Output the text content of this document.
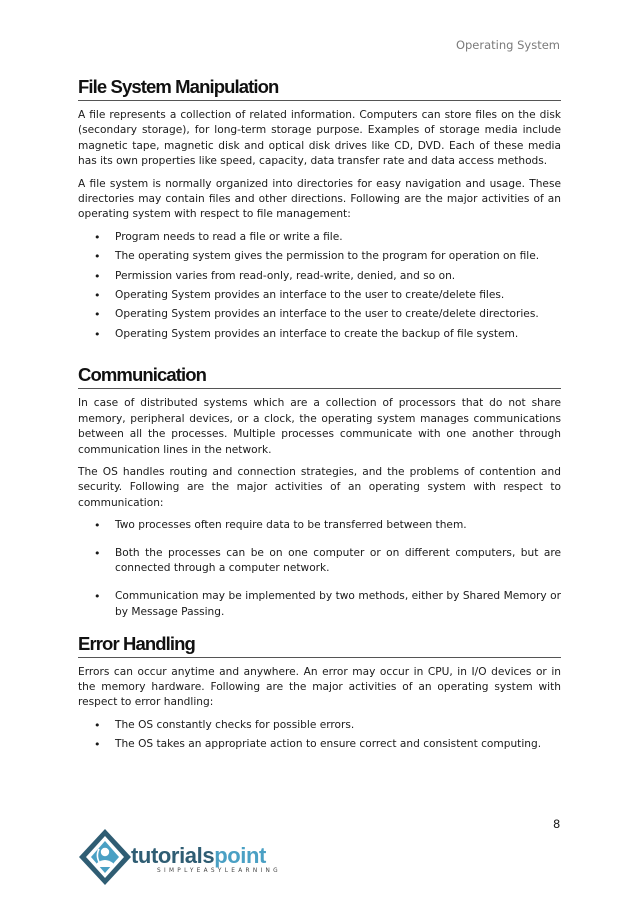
Operating System
File System Manipulation

A file represents a collection of related information. Computers can store files on the disk (secondary storage), for long-term storage purpose. Examples of storage media include magnetic tape, magnetic disk and optical disk drives like CD, DVD. Each of these media has its own properties like speed, capacity, data transfer rate and data access methods.

A file system is normally organized into directories for easy navigation and usage. These directories may contain files and other directions. Following are the major activities of an operating system with respect to file management:

• Program needs to read a file or write a file.
• The operating system gives the permission to the program for operation on file.
• Permission varies from read-only, read-write, denied, and so on.
• Operating System provides an interface to the user to create/delete files.
• Operating System provides an interface to the user to create/delete directories.
• Operating System provides an interface to create the backup of file system.
Communication

In case of distributed systems which are a collection of processors that do not share memory, peripheral devices, or a clock, the operating system manages communications between all the processes. Multiple processes communicate with one another through communication lines in the network.

The OS handles routing and connection strategies, and the problems of contention and security. Following are the major activities of an operating system with respect to communication:

• Two processes often require data to be transferred between them.
• Both the processes can be on one computer or on different computers, but are connected through a computer network.
• Communication may be implemented by two methods, either by Shared Memory or by Message Passing.
Error Handling

Errors can occur anytime and anywhere. An error may occur in CPU, in I/O devices or in the memory hardware. Following are the major activities of an operating system with respect to error handling:

• The OS constantly checks for possible errors.
• The OS takes an appropriate action to ensure correct and consistent computing.
8
tutorialspoint
SIMPLYEASYLEARNING
